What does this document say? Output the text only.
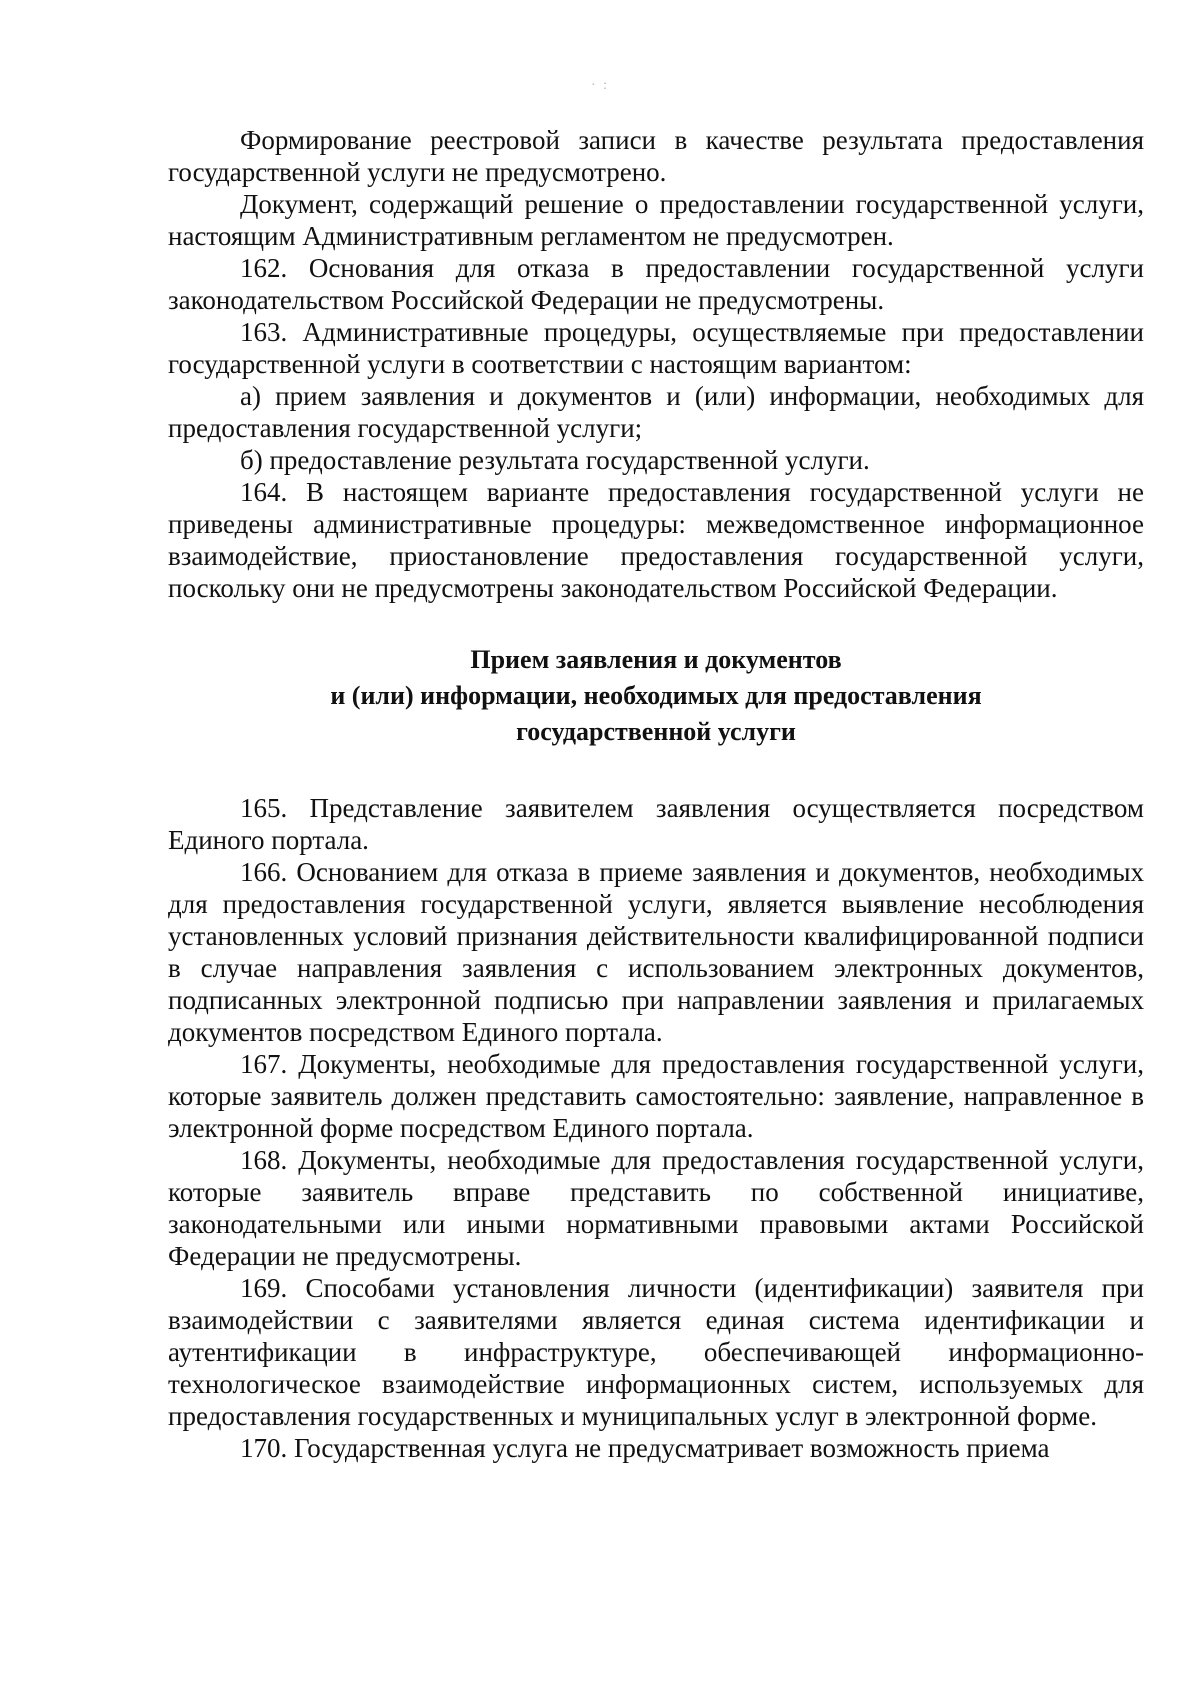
· :

Формирование реестровой записи в качестве результата предоставления государственной услуги не предусмотрено.

Документ, содержащий решение о предоставлении государственной услуги, настоящим Административным регламентом не предусмотрен.

162. Основания для отказа в предоставлении государственной услуги законодательством Российской Федерации не предусмотрены.

163. Административные процедуры, осуществляемые при предоставлении государственной услуги в соответствии с настоящим вариантом:

а) прием заявления и документов и (или) информации, необходимых для предоставления государственной услуги;

б) предоставление результата государственной услуги.

164. В настоящем варианте предоставления государственной услуги не приведены административные процедуры: межведомственное информационное взаимодействие, приостановление предоставления государственной услуги, поскольку они не предусмотрены законодательством Российской Федерации.

Прием заявления и документов
и (или) информации, необходимых для предоставления
государственной услуги

165. Представление заявителем заявления осуществляется посредством Единого портала.

166. Основанием для отказа в приеме заявления и документов, необходимых для предоставления государственной услуги, является выявление несоблюдения установленных условий признания действительности квалифицированной подписи в случае направления заявления с использованием электронных документов, подписанных электронной подписью при направлении заявления и прилагаемых документов посредством Единого портала.

167. Документы, необходимые для предоставления государственной услуги, которые заявитель должен представить самостоятельно: заявление, направленное в электронной форме посредством Единого портала.

168. Документы, необходимые для предоставления государственной услуги, которые заявитель вправе представить по собственной инициативе, законодательными или иными нормативными правовыми актами Российской Федерации не предусмотрены.

169. Способами установления личности (идентификации) заявителя при взаимодействии с заявителями является единая система идентификации и аутентификации в инфраструктуре, обеспечивающей информационно-технологическое взаимодействие информационных систем, используемых для предоставления государственных и муниципальных услуг в электронной форме.

170. Государственная услуга не предусматривает возможность приема
